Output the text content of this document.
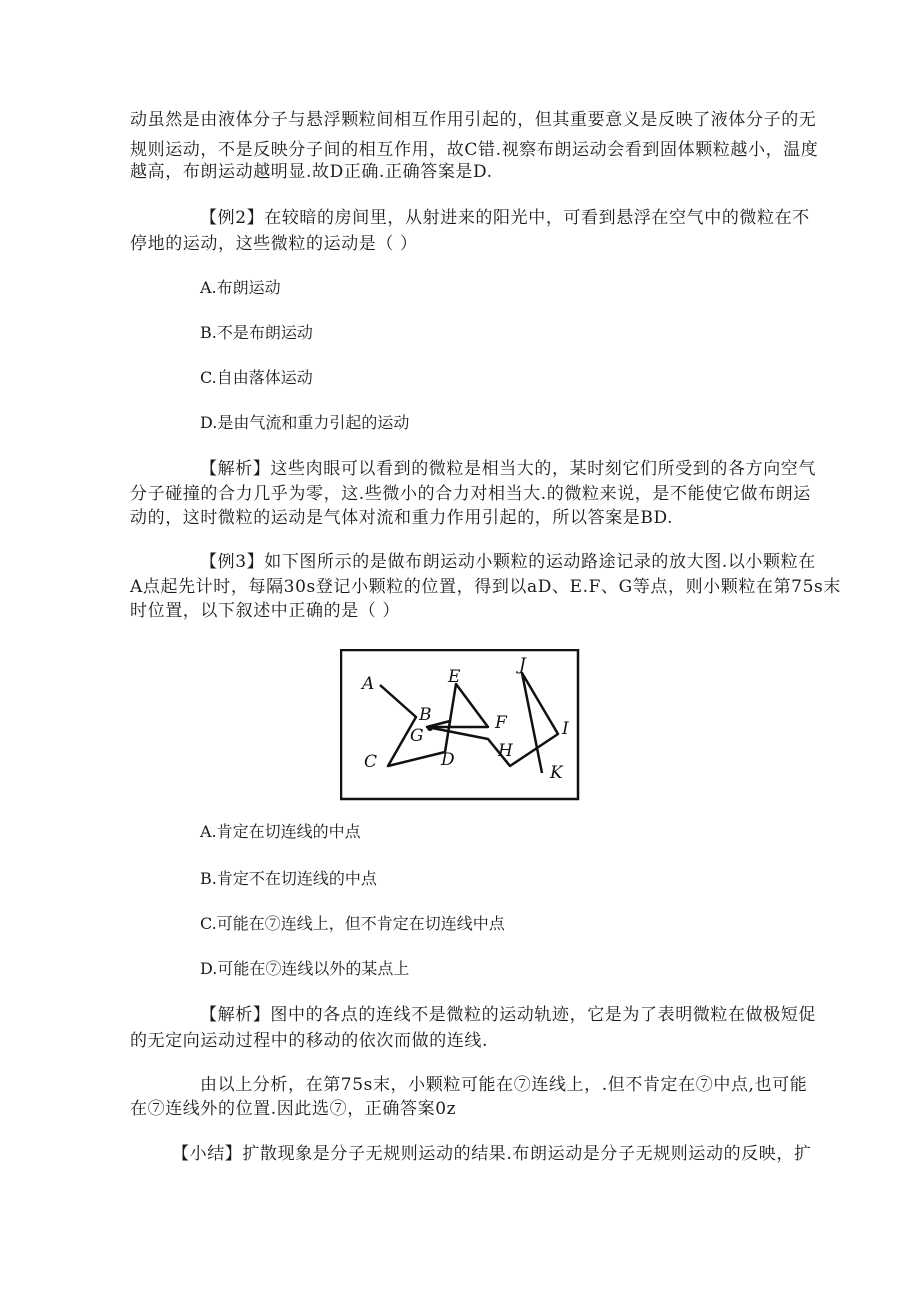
动虽然是由液体分子与悬浮颗粒间相互作用引起的，但其重要意义是反映了液体分子的无
规则运动，不是反映分子间的相互作用，故C错.视察布朗运动会看到固体颗粒越小，温度
越高，布朗运动越明显.故D正确.正确答案是D.
【例2】在较暗的房间里，从射进来的阳光中，可看到悬浮在空气中的微粒在不
停地的运动，这些微粒的运动是（ ）
A.布朗运动
B.不是布朗运动
C.自由落体运动
D.是由气流和重力引起的运动
【解析】这些肉眼可以看到的微粒是相当大的，某时刻它们所受到的各方向空气
分子碰撞的合力几乎为零，这.些微小的合力对相当大.的微粒来说，是不能使它做布朗运
动的，这时微粒的运动是气体对流和重力作用引起的，所以答案是BD.
【例3】如下图所示的是做布朗运动小颗粒的运动路途记录的放大图.以小颗粒在
A点起先计时，每隔30s登记小颗粒的位置，得到以aD、E.F、G等点，则小颗粒在第75s末
时位置，以下叙述中正确的是（ ）
A
B
C	D
E
F
G
H
I
J
K
A.肯定在切连线的中点
B.肯定不在切连线的中点
C.可能在⑦连线上，但不肯定在切连线中点
D.可能在⑦连线以外的某点上
【解析】图中的各点的连线不是微粒的运动轨迹，它是为了表明微粒在做极短促
的无定向运动过程中的移动的依次而做的连线.
由以上分析，在第75s末，小颗粒可能在⑦连线上，.但不肯定在⑦中点,也可能
在⑦连线外的位置.因此选⑦，正确答案0z
【小结】扩散现象是分子无规则运动的结果.布朗运动是分子无规则运动的反映，扩
